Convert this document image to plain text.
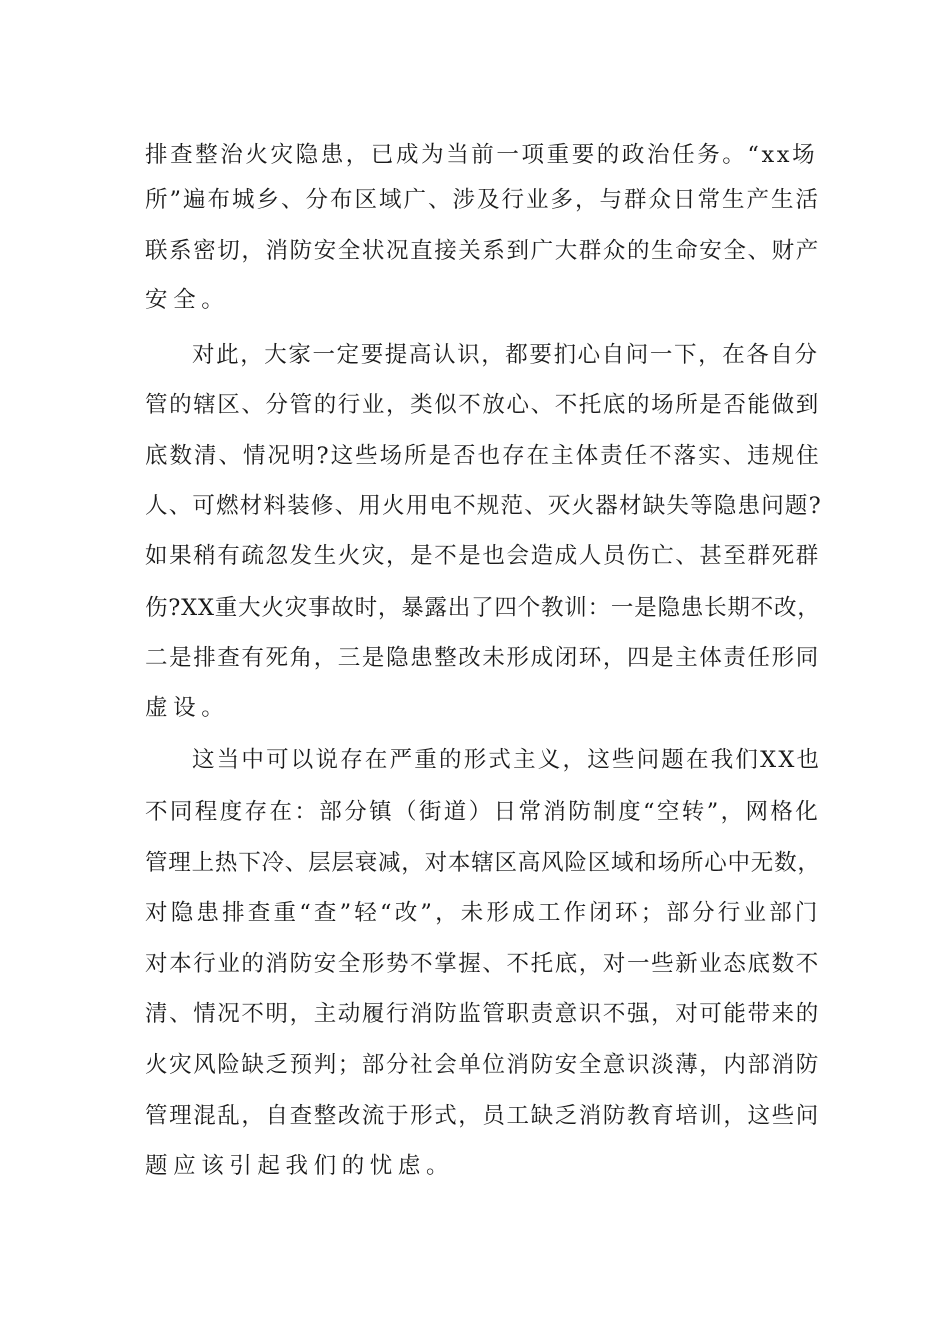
排查整治火灾隐患，已成为当前一项重要的政治任务。“xx场

所”遍布城乡、分布区域广、涉及行业多，与群众日常生产生活

联系密切，消防安全状况直接关系到广大群众的生命安全、财产

安全。

对此，大家一定要提高认识，都要扪心自问一下，在各自分

管的辖区、分管的行业，类似不放心、不托底的场所是否能做到

底数清、情况明?这些场所是否也存在主体责任不落实、违规住

人、可燃材料装修、用火用电不规范、灭火器材缺失等隐患问题?

如果稍有疏忽发生火灾，是不是也会造成人员伤亡、甚至群死群

伤?XX重大火灾事故时，暴露出了四个教训：一是隐患长期不改，

二是排查有死角，三是隐患整改未形成闭环，四是主体责任形同

虚设。

这当中可以说存在严重的形式主义，这些问题在我们XX也

不同程度存在：部分镇（街道）日常消防制度“空转”，网格化

管理上热下冷、层层衰减，对本辖区高风险区域和场所心中无数，

对隐患排查重“查”轻“改”，未形成工作闭环；部分行业部门

对本行业的消防安全形势不掌握、不托底，对一些新业态底数不

清、情况不明，主动履行消防监管职责意识不强，对可能带来的

火灾风险缺乏预判；部分社会单位消防安全意识淡薄，内部消防

管理混乱，自查整改流于形式，员工缺乏消防教育培训，这些问

题应该引起我们的忧虑。
